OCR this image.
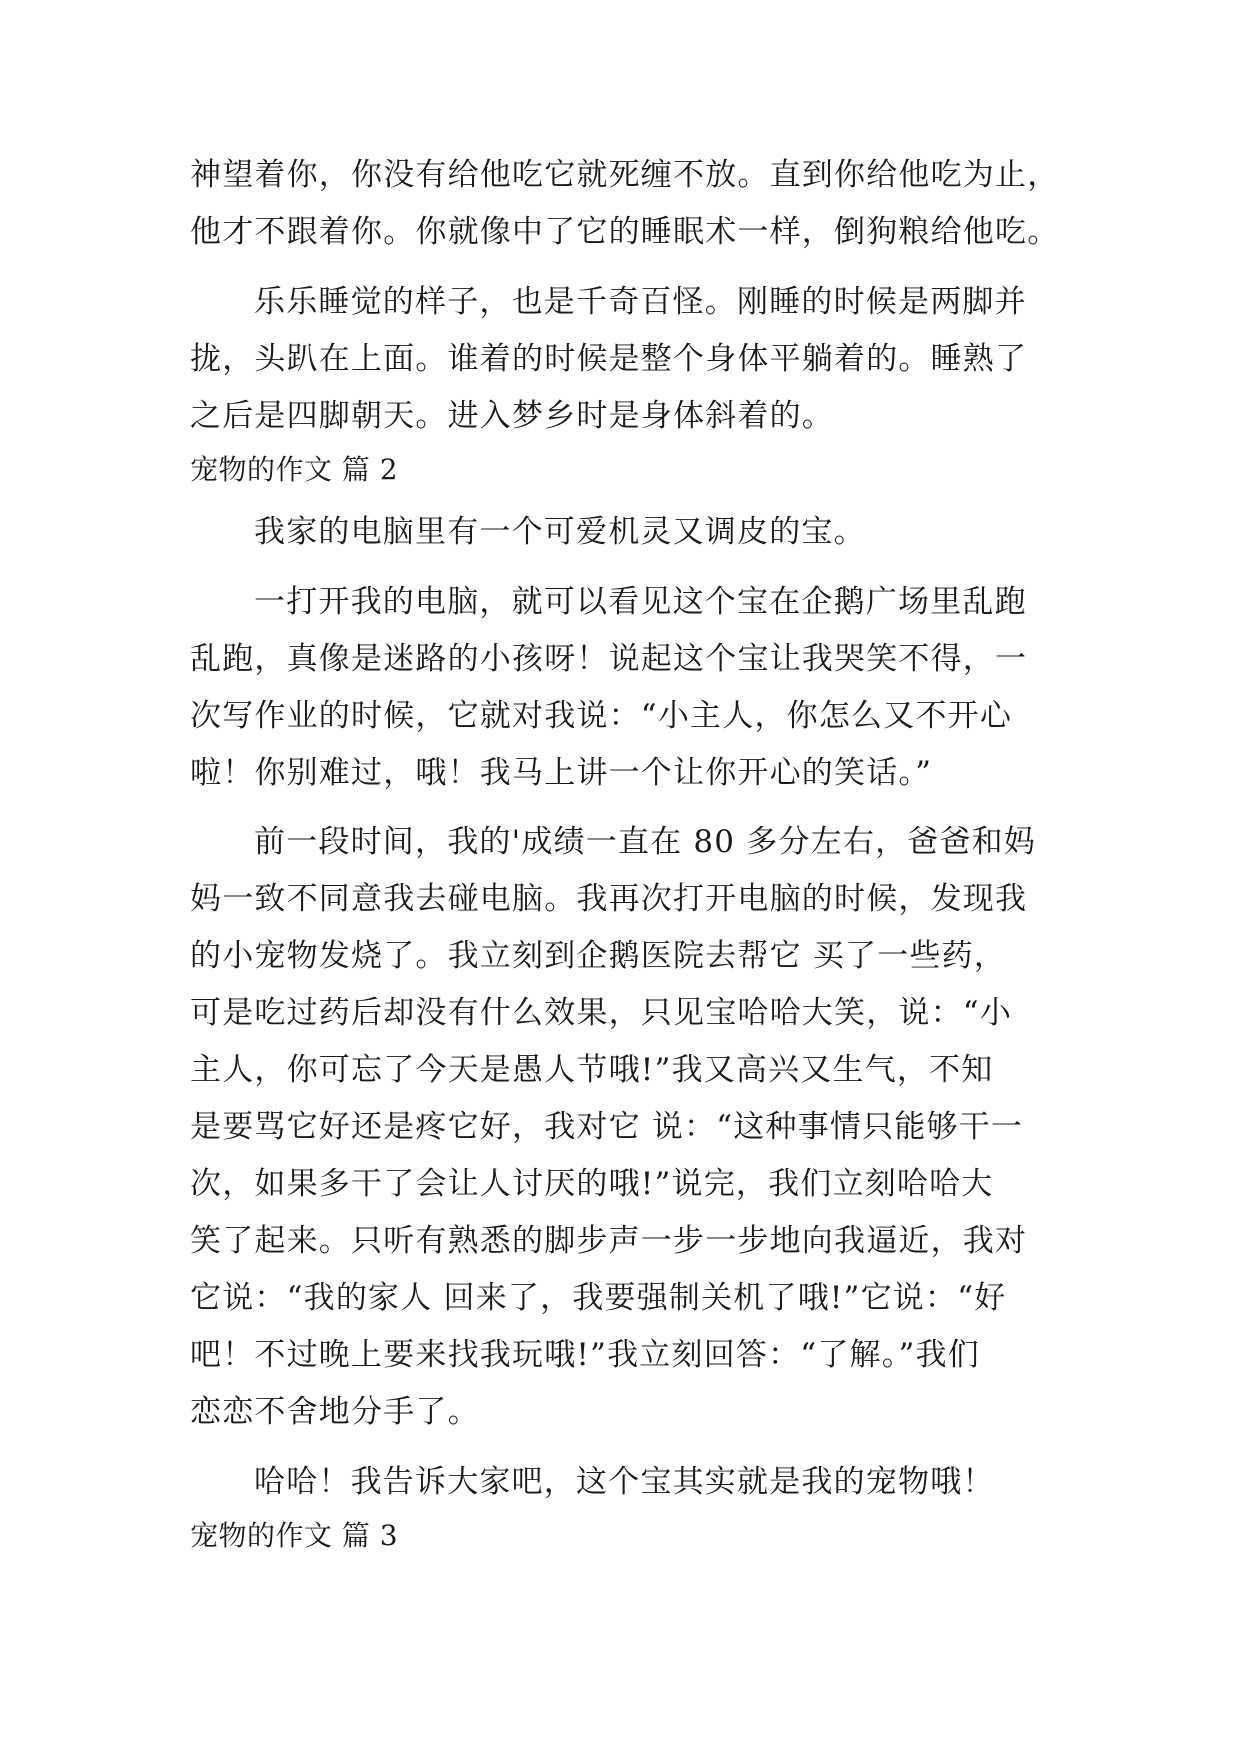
神望着你，你没有给他吃它就死缠不放。直到你给他吃为止，
他才不跟着你。你就像中了它的睡眠术一样，倒狗粮给他吃。
乐乐睡觉的样子，也是千奇百怪。刚睡的时候是两脚并
拢，头趴在上面。谁着的时候是整个身体平躺着的。睡熟了
之后是四脚朝天。进入梦乡时是身体斜着的。
宠物的作文 篇 2
我家的电脑里有一个可爱机灵又调皮的宝。
一打开我的电脑，就可以看见这个宝在企鹅广场里乱跑
乱跑，真像是迷路的小孩呀！说起这个宝让我哭笑不得，一
次写作业的时候，它就对我说：“小主人，你怎么又不开心
啦！你别难过，哦！我马上讲一个让你开心的笑话。”
前一段时间，我的'成绩一直在 80 多分左右，爸爸和妈
妈一致不同意我去碰电脑。我再次打开电脑的时候，发现我
的小宠物发烧了。我立刻到企鹅医院去帮它 买了一些药，
可是吃过药后却没有什么效果，只见宝哈哈大笑，说：“小
主人，你可忘了今天是愚人节哦!”我又高兴又生气，不知
是要骂它好还是疼它好，我对它 说：“这种事情只能够干一
次，如果多干了会让人讨厌的哦!”说完，我们立刻哈哈大
笑了起来。只听有熟悉的脚步声一步一步地向我逼近，我对
它说：“我的家人 回来了，我要强制关机了哦!”它说：“好
吧！不过晚上要来找我玩哦!”我立刻回答：“了解。”我们
恋恋不舍地分手了。
哈哈！我告诉大家吧，这个宝其实就是我的宠物哦！
宠物的作文 篇 3
